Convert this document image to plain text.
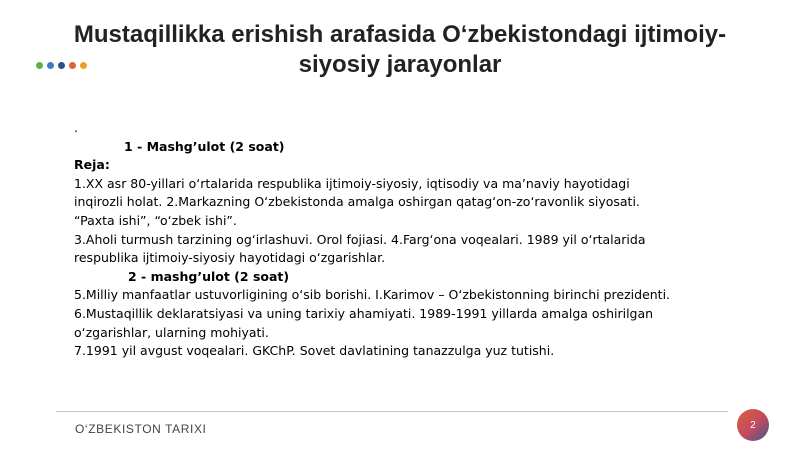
Mustaqillikka erishish arafasida O‘zbekistondagi ijtimoiy-siyosiy jarayonlar

.

1 - Mashg’ulot (2 soat)

Reja:

1.XX asr 80-yillari o‘rtalarida respublika ijtimoiy-siyosiy, iqtisodiy va ma’naviy hayotidagi inqirozli holat. 2.Markazning O‘zbekistonda amalga oshirgan qatag‘on-zo‘ravonlik siyosati. “Paxta ishi”, “o‘zbek ishi”.

3.Aholi turmush tarzining og‘irlashuvi. Orol fojiasi. 4.Farg‘ona voqealari. 1989 yil o‘rtalarida respublika ijtimoiy-siyosiy hayotidagi o‘zgarishlar.

2 - mashg’ulot (2 soat)

5.Milliy manfaatlar ustuvorligining o‘sib borishi. I.Karimov – O‘zbekistonning birinchi prezidenti.

6.Mustaqillik deklaratsiyasi va uning tarixiy ahamiyati. 1989-1991 yillarda amalga oshirilgan o‘zgarishlar, ularning mohiyati.

7.1991 yil avgust voqealari. GKChP. Sovet davlatining tanazzulga yuz tutishi.

O‘ZBEKISTON TARIXI	2
